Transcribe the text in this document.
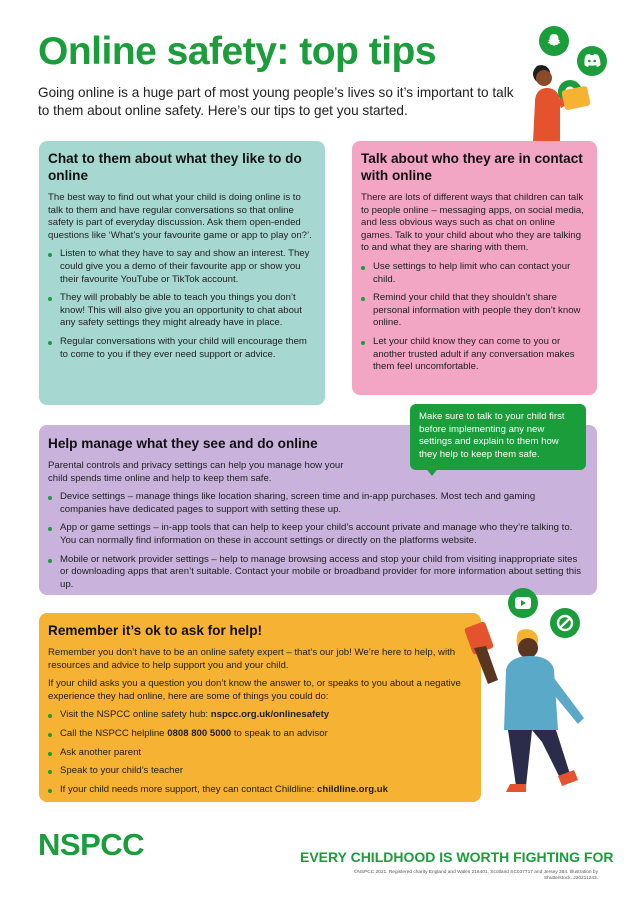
Online safety: top tips
Going online is a huge part of most young people’s lives so it’s important to talk to them about online safety. Here’s our tips to get you started.
Chat to them about what they like to do online

The best way to find out what your child is doing online is to talk to them and have regular conversations so that online safety is part of everyday discussion. Ask them open-ended questions like ‘What’s your favourite game or app to play on?’.

Listen to what they have to say and show an interest. They could give you a demo of their favourite app or show you their favourite YouTube or TikTok account.
They will probably be able to teach you things you don’t know! This will also give you an opportunity to chat about any safety settings they might already have in place.
Regular conversations with your child will encourage them to come to you if they ever need support or advice.
Talk about who they are in contact with online

There are lots of different ways that children can talk to people online – messaging apps, on social media, and less obvious ways such as chat on online games. Talk to your child about who they are talking to and what they are sharing with them.

Use settings to help limit who can contact your child.
Remind your child that they shouldn’t share personal information with people they don’t know online.
Let your child know they can come to you or another trusted adult if any conversation makes them feel uncomfortable.
Help manage what they see and do online

Parental controls and privacy settings can help you manage how your child spends time online and help to keep them safe.

Device settings – manage things like location sharing, screen time and in-app purchases. Most tech and gaming companies have dedicated pages to support with setting these up.
App or game settings – in-app tools that can help to keep your child’s account private and manage who they’re talking to. You can normally find information on these in account settings or directly on the platforms website.
Mobile or network provider settings – help to manage browsing access and stop your child from visiting inappropriate sites or downloading apps that aren’t suitable. Contact your mobile or broadband provider for more information about setting this up.
Make sure to talk to your child first before implementing any new settings and explain to them how they help to keep them safe.
Remember it’s ok to ask for help!

Remember you don’t have to be an online safety expert – that’s our job! We’re here to help, with resources and advice to help support you and your child.

If your child asks you a question you don’t know the answer to, or speaks to you about a negative experience they had online, here are some of things you could do:

Visit the NSPCC online safety hub: nspcc.org.uk/onlinesafety
Call the NSPCC helpline 0808 800 5000 to speak to an advisor
Ask another parent
Speak to your child’s teacher
If your child needs more support, they can contact Childline: childline.org.uk
NSPCC	EVERY CHILDHOOD IS WORTH FIGHTING FOR
©NSPCC 2021. Registered charity England and Wales 216401. Scotland SC037717 and Jersey 384. Illustration by Shutterstock. J20211243.
